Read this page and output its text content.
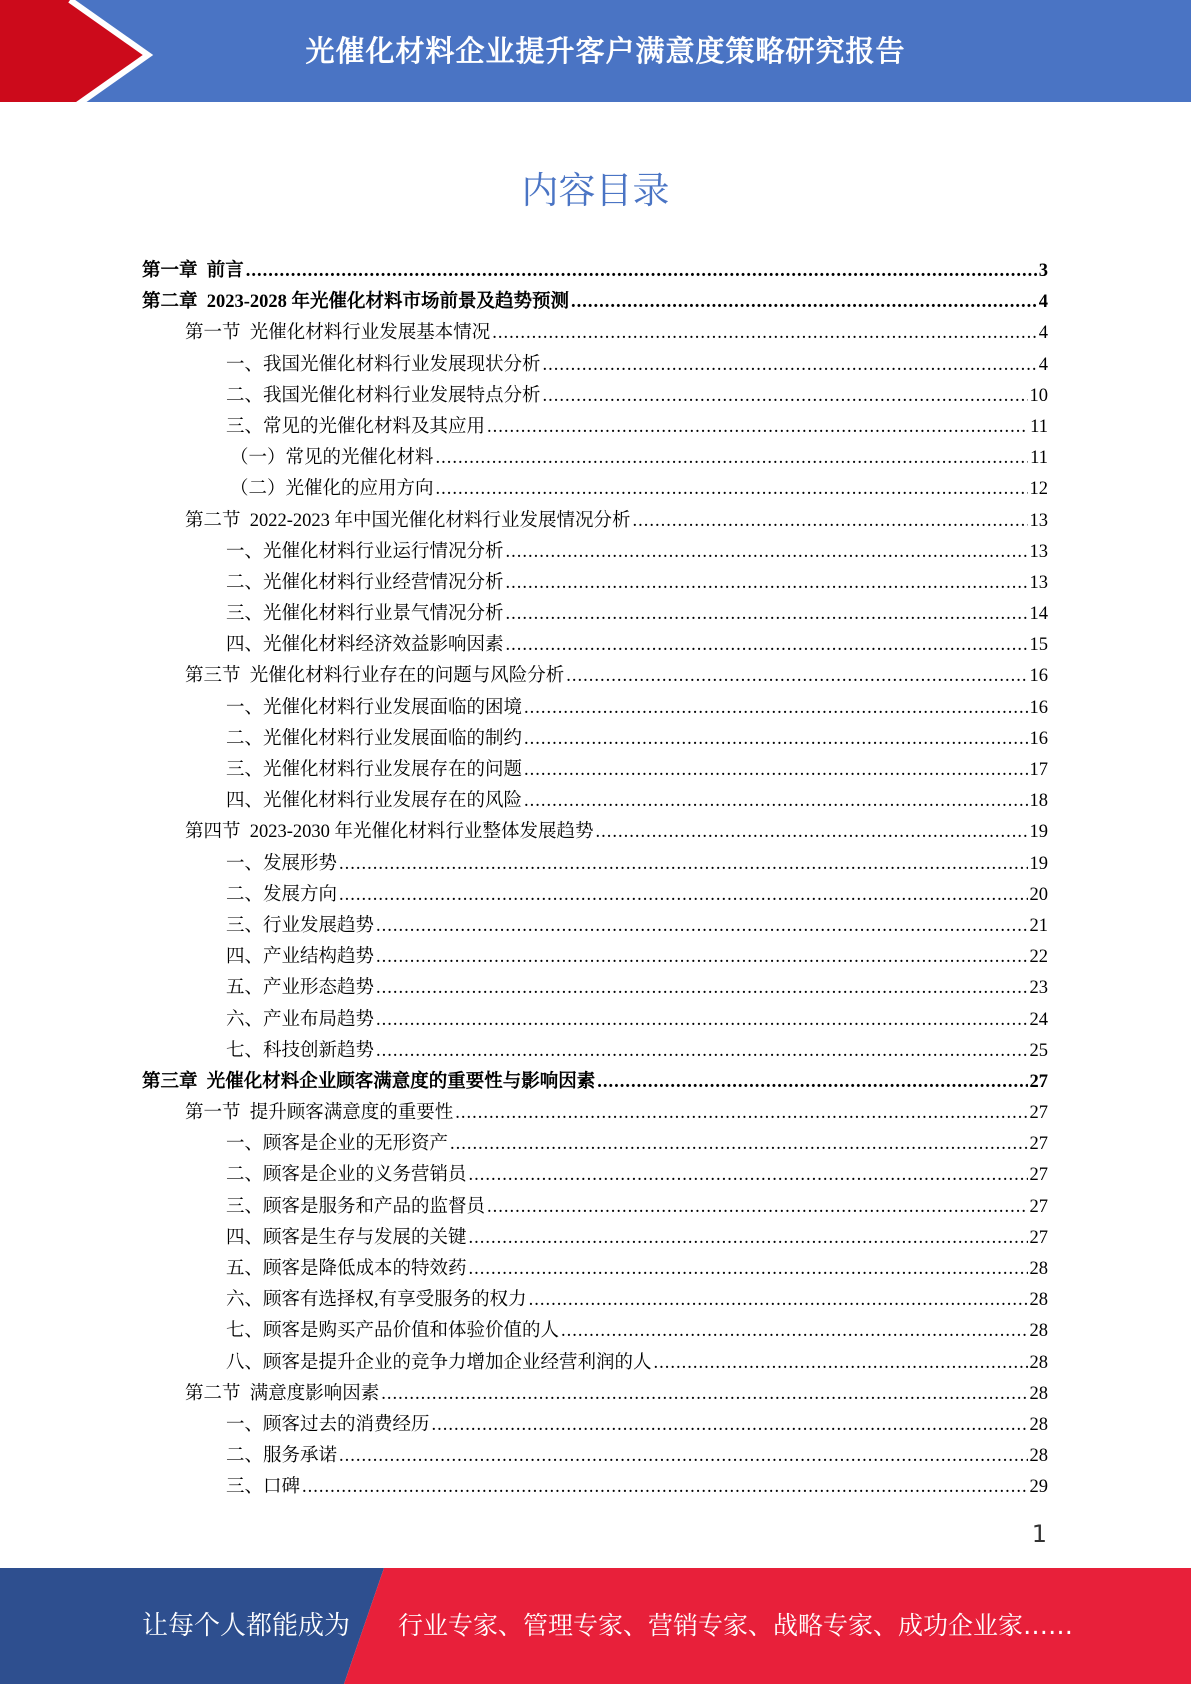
光催化材料企业提升客户满意度策略研究报告
内容目录
第一章  前言 .....	3
第二章  2023-2028 年光催化材料市场前景及趋势预测 .....	4
第一节  光催化材料行业发展基本情况 .....	4
一、我国光催化材料行业发展现状分析 .....	4
二、我国光催化材料行业发展特点分析 .....	10
三、常见的光催化材料及其应用 .....	11
（一）常见的光催化材料 .....	11
（二）光催化的应用方向 .....	12
第二节  2022-2023 年中国光催化材料行业发展情况分析 .....	13
一、光催化材料行业运行情况分析 .....	13
二、光催化材料行业经营情况分析 .....	13
三、光催化材料行业景气情况分析 .....	14
四、光催化材料经济效益影响因素 .....	15
第三节  光催化材料行业存在的问题与风险分析 .....	16
一、光催化材料行业发展面临的困境 .....	16
二、光催化材料行业发展面临的制约 .....	16
三、光催化材料行业发展存在的问题 .....	17
四、光催化材料行业发展存在的风险 .....	18
第四节  2023-2030 年光催化材料行业整体发展趋势 .....	19
一、发展形势 .....	19
二、发展方向 .....	20
三、行业发展趋势 .....	21
四、产业结构趋势 .....	22
五、产业形态趋势 .....	23
六、产业布局趋势 .....	24
七、科技创新趋势 .....	25
第三章  光催化材料企业顾客满意度的重要性与影响因素 .....	27
第一节  提升顾客满意度的重要性 .....	27
一、顾客是企业的无形资产 .....	27
二、顾客是企业的义务营销员 .....	27
三、顾客是服务和产品的监督员 .....	27
四、顾客是生存与发展的关键 .....	27
五、顾客是降低成本的特效药 .....	28
六、顾客有选择权,有享受服务的权力 .....	28
七、顾客是购买产品价值和体验价值的人 .....	28
八、顾客是提升企业的竞争力增加企业经营利润的人 .....	28
第二节  满意度影响因素 .....	28
一、顾客过去的消费经历 .....	28
二、服务承诺 .....	28
三、口碑 .....	29
1
让每个人都能成为 行业专家、管理专家、营销专家、战略专家、成功企业家……
